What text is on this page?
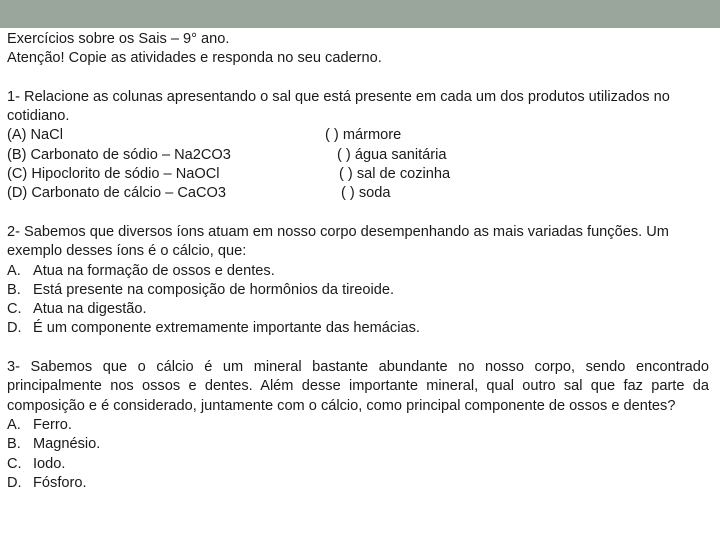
Exercícios sobre os Sais – 9° ano.
Atenção! Copie as atividades e responda no seu caderno.
1- Relacione as colunas apresentando o sal que está presente em cada um dos produtos utilizados no cotidiano.
(A) NaCl	( ) mármore
(B) Carbonato de sódio – Na2CO3	( ) água sanitária
(C) Hipoclorito de sódio – NaOCl	( ) sal de cozinha
(D) Carbonato de cálcio – CaCO3	( ) soda
2- Sabemos que diversos íons atuam em nosso corpo desempenhando as mais variadas funções. Um exemplo desses íons é o cálcio, que:
A. Atua na formação de ossos e dentes.
B. Está presente na composição de hormônios da tireoide.
C. Atua na digestão.
D. É um componente extremamente importante das hemácias.
3- Sabemos que o cálcio é um mineral bastante abundante no nosso corpo, sendo encontrado principalmente nos ossos e dentes. Além desse importante mineral, qual outro sal que faz parte da composição e é considerado, juntamente com o cálcio, como principal componente de ossos e dentes?
A. Ferro.
B. Magnésio.
C. Iodo.
D. Fósforo.
